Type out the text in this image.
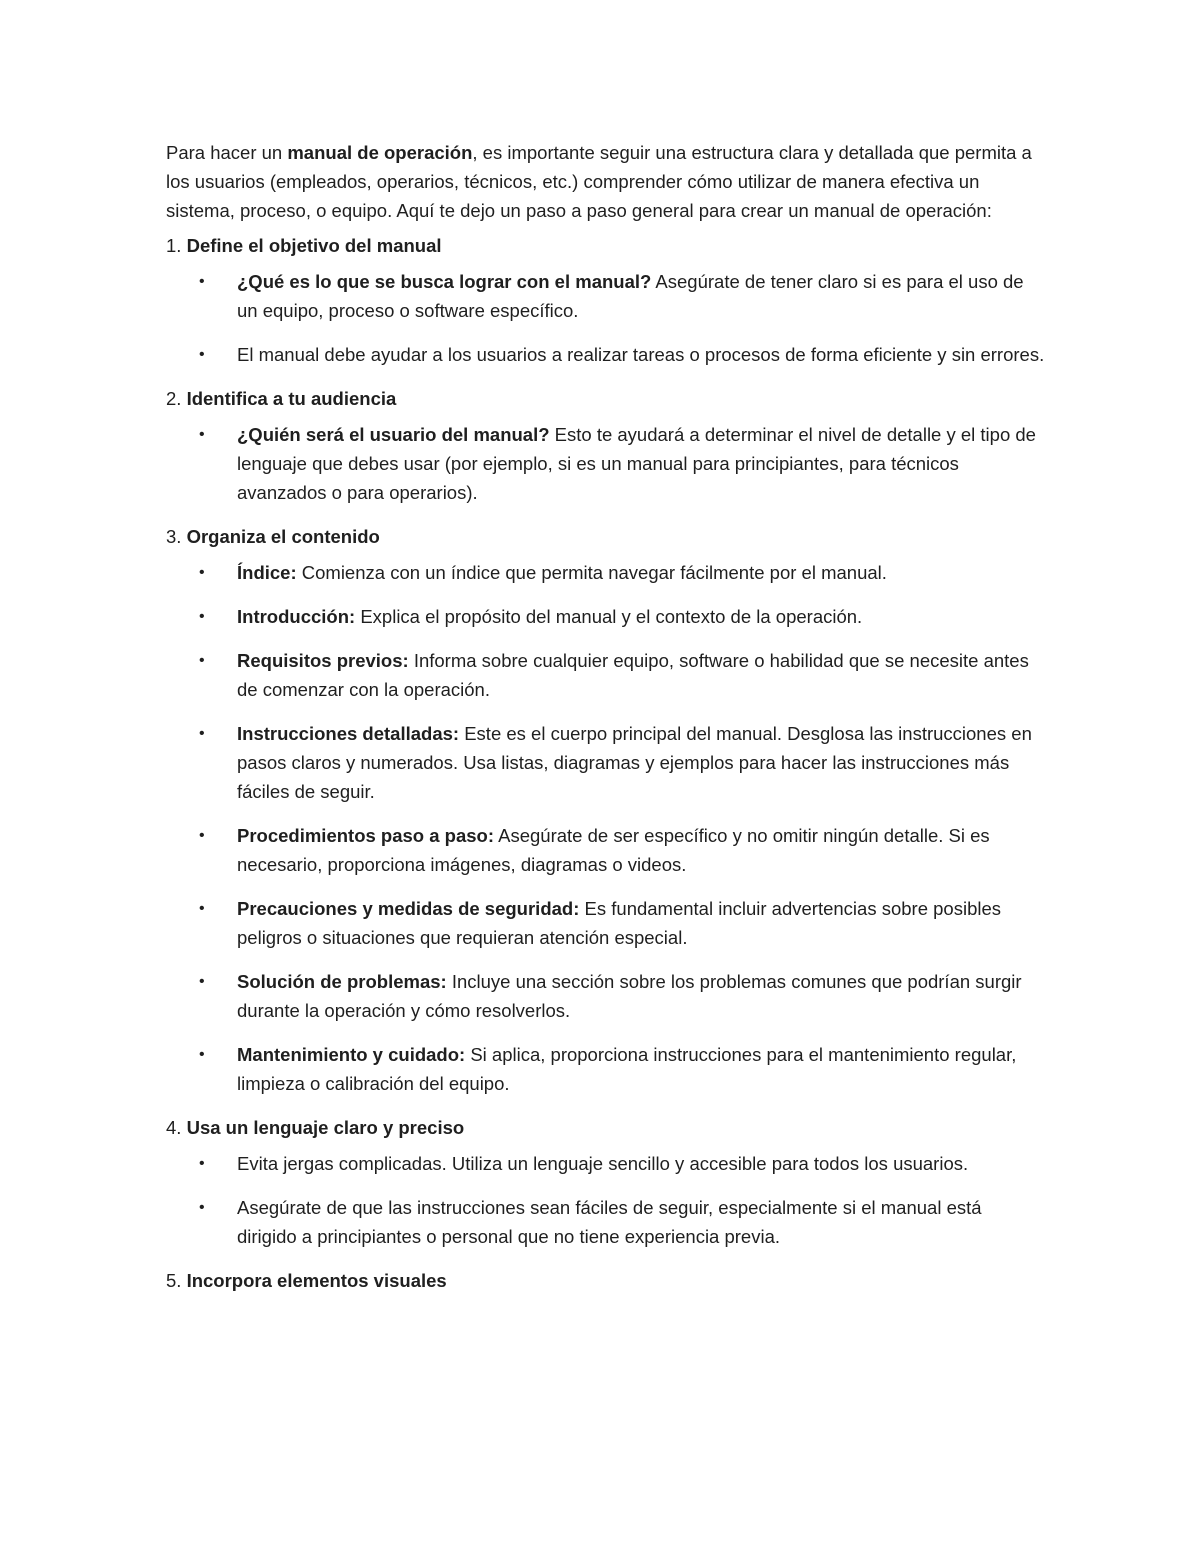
Para hacer un manual de operación, es importante seguir una estructura clara y detallada que permita a los usuarios (empleados, operarios, técnicos, etc.) comprender cómo utilizar de manera efectiva un sistema, proceso, o equipo. Aquí te dejo un paso a paso general para crear un manual de operación:

1. Define el objetivo del manual

• ¿Qué es lo que se busca lograr con el manual? Asegúrate de tener claro si es para el uso de un equipo, proceso o software específico.
• El manual debe ayudar a los usuarios a realizar tareas o procesos de forma eficiente y sin errores.

2. Identifica a tu audiencia

• ¿Quién será el usuario del manual? Esto te ayudará a determinar el nivel de detalle y el tipo de lenguaje que debes usar (por ejemplo, si es un manual para principiantes, para técnicos avanzados o para operarios).

3. Organiza el contenido

• Índice: Comienza con un índice que permita navegar fácilmente por el manual.
• Introducción: Explica el propósito del manual y el contexto de la operación.
• Requisitos previos: Informa sobre cualquier equipo, software o habilidad que se necesite antes de comenzar con la operación.
• Instrucciones detalladas: Este es el cuerpo principal del manual. Desglosa las instrucciones en pasos claros y numerados. Usa listas, diagramas y ejemplos para hacer las instrucciones más fáciles de seguir.
• Procedimientos paso a paso: Asegúrate de ser específico y no omitir ningún detalle. Si es necesario, proporciona imágenes, diagramas o videos.
• Precauciones y medidas de seguridad: Es fundamental incluir advertencias sobre posibles peligros o situaciones que requieran atención especial.
• Solución de problemas: Incluye una sección sobre los problemas comunes que podrían surgir durante la operación y cómo resolverlos.
• Mantenimiento y cuidado: Si aplica, proporciona instrucciones para el mantenimiento regular, limpieza o calibración del equipo.

4. Usa un lenguaje claro y preciso

• Evita jergas complicadas. Utiliza un lenguaje sencillo y accesible para todos los usuarios.
• Asegúrate de que las instrucciones sean fáciles de seguir, especialmente si el manual está dirigido a principiantes o personal que no tiene experiencia previa.

5. Incorpora elementos visuales
